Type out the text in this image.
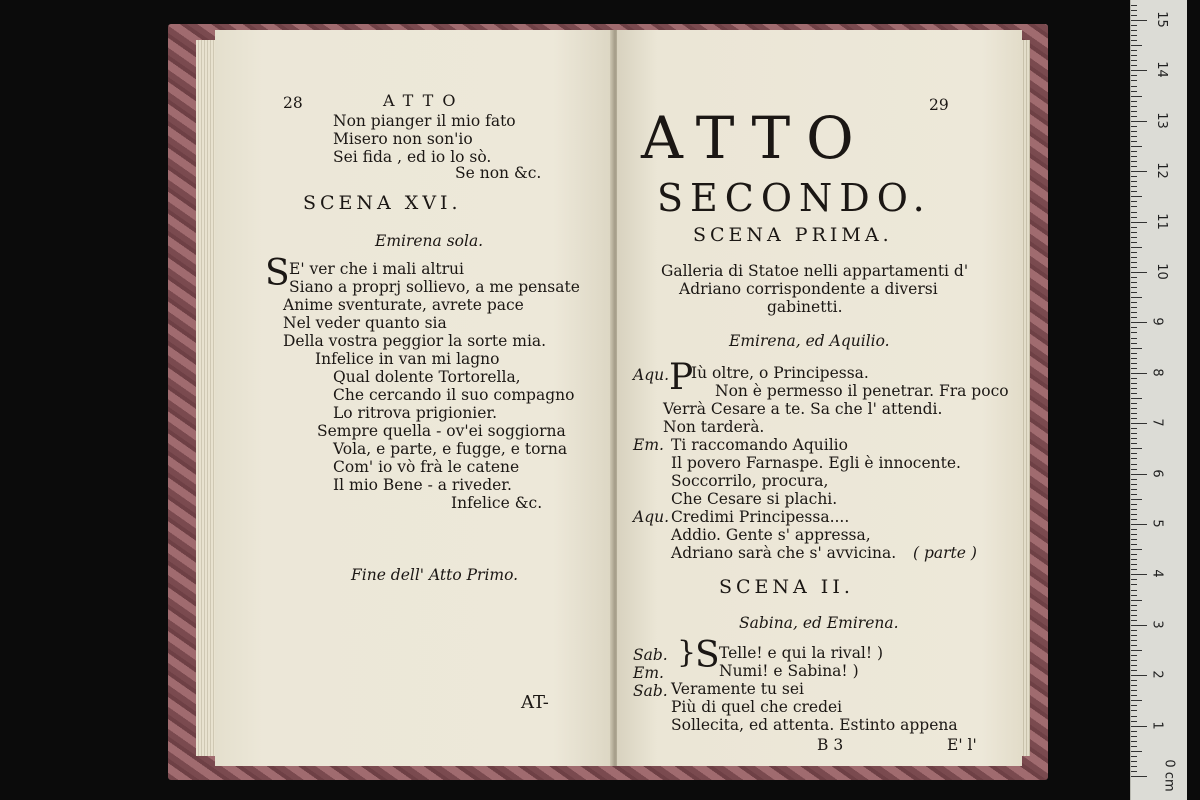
28	ATTO
Non pianger il mio fato
Misero non son'io
Sei fida , ed io lo sò.
Se non &c.
SCENA XVI.
Emirena sola.
S E' ver che i mali altrui
Siano a proprj sollievo, a me pensate
Anime sventurate, avrete pace
Nel veder quanto sia
Della vostra peggior la sorte mia.
Infelice in van mi lagno
Qual dolente Tortorella,
Che cercando il suo compagno
Lo ritrova prigionier.
Sempre quella - ov'ei soggiorna
Vola, e parte, e fugge, e torna
Com' io vò frà le catene
Il mio Bene - a riveder.
Infelice &c.
Fine dell' Atto Primo.
AT-
29
ATTO
SECONDO.
SCENA PRIMA.
Galleria di Statoe nelli appartamenti d'
Adriano corrispondente a diversi
gabinetti.
Emirena, ed Aquilio.
Aqu. P
Iù oltre, o Principessa.
Non è permesso il penetrar. Fra poco
Verrà Cesare a te. Sa che l' attendi.
Non tarderà.
Em. Ti raccomando Aquilio
Il povero Farnaspe. Egli è innocente.
Soccorrilo, procura,
Che Cesare si plachi.
Aqu. Credimi Principessa....
Addio. Gente s' appressa,
Adriano sarà che s' avvicina. ( parte )
SCENA II.
Sabina, ed Emirena.
Sab.
Em.
}
S Telle! e qui la rival! )
Numi! e Sabina! )
Sab. Veramente tu sei
Più di quel che credei
Sollecita, ed attenta. Estinto appena
B 3	E' l'
0 cm
1
2
3
4
5
6
7
8
9
10
11
12
13
14
15
